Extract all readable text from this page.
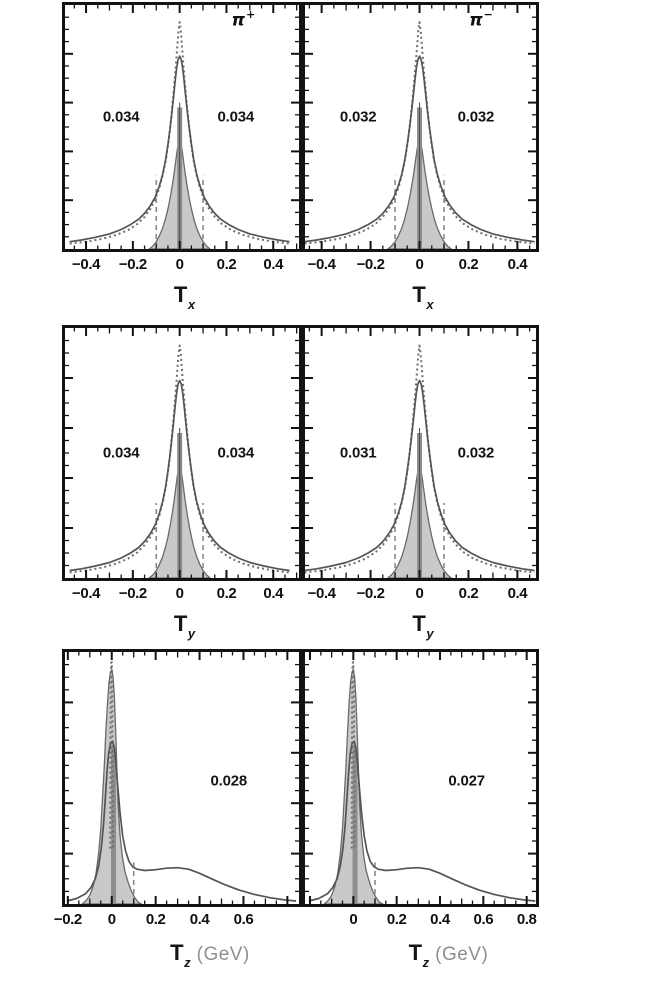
π+
0.034	0.034
π−
0.032	0.032
0.034	0.034	0.031	0.032
0.028	0.027
−0.4 −0.2 0 0.2 0.4
$T_x$
−0.4 −0.2 0 0.2 0.4
$T_x$
−0.4 −0.2 0 0.2 0.4
$T_y$
−0.4 −0.2 0 0.2 0.4
$T_y$
−0.2 0 0.2 0.4 0.6
$T_z$ (GeV)
0 0.2 0.4 0.6 0.8
$T_z$ (GeV)
